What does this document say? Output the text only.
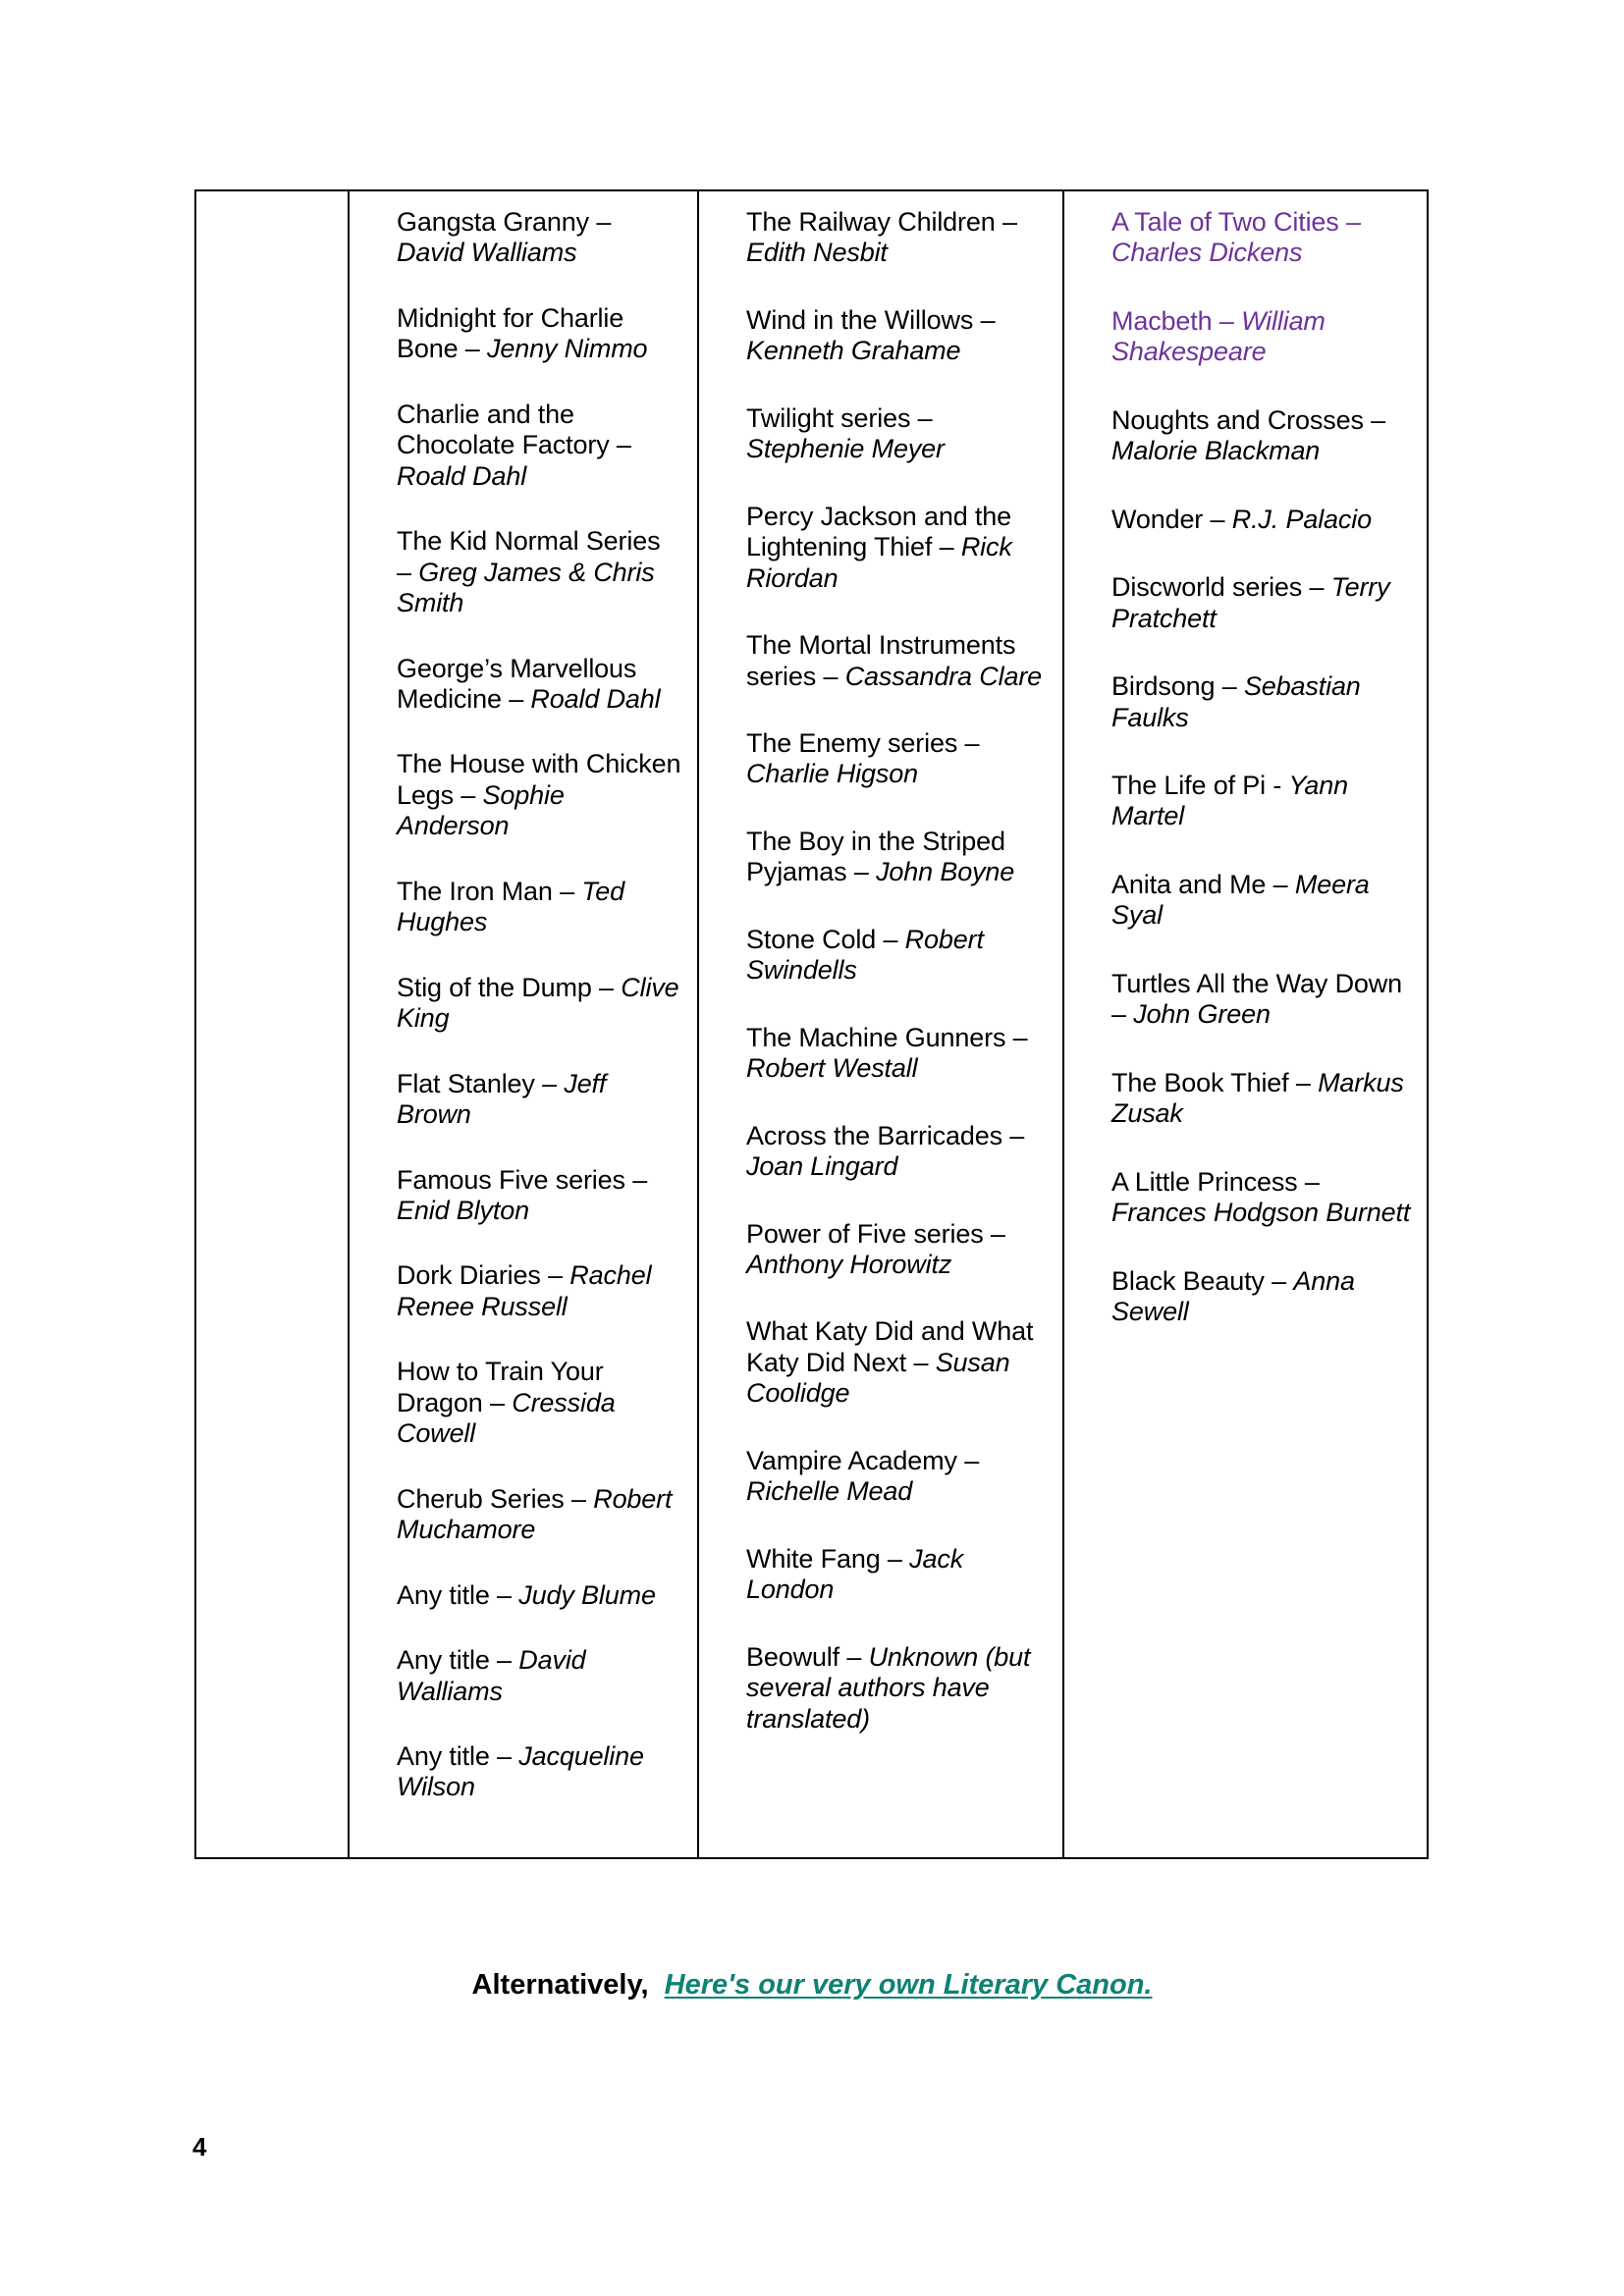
Gangsta Granny – David Walliams

Midnight for Charlie Bone – Jenny Nimmo

Charlie and the Chocolate Factory – Roald Dahl

The Kid Normal Series – Greg James & Chris Smith

George’s Marvellous Medicine – Roald Dahl

The House with Chicken Legs – Sophie Anderson

The Iron Man – Ted Hughes

Stig of the Dump – Clive King

Flat Stanley – Jeff Brown

Famous Five series – Enid Blyton

Dork Diaries – Rachel Renee Russell

How to Train Your Dragon – Cressida Cowell

Cherub Series – Robert Muchamore

Any title – Judy Blume

Any title – David Walliams

Any title – Jacqueline Wilson

The Railway Children – Edith Nesbit

Wind in the Willows – Kenneth Grahame

Twilight series – Stephenie Meyer

Percy Jackson and the Lightening Thief – Rick Riordan

The Mortal Instruments series – Cassandra Clare

The Enemy series – Charlie Higson

The Boy in the Striped Pyjamas – John Boyne

Stone Cold – Robert Swindells

The Machine Gunners – Robert Westall

Across the Barricades – Joan Lingard

Power of Five series – Anthony Horowitz

What Katy Did and What Katy Did Next – Susan Coolidge

Vampire Academy – Richelle Mead

White Fang – Jack London

Beowulf – Unknown (but several authors have translated)

A Tale of Two Cities – Charles Dickens

Macbeth – William Shakespeare

Noughts and Crosses – Malorie Blackman

Wonder – R.J. Palacio

Discworld series – Terry Pratchett

Birdsong – Sebastian Faulks

The Life of Pi - Yann Martel

Anita and Me – Meera Syal

Turtles All the Way Down – John Green

The Book Thief – Markus Zusak

A Little Princess – Frances Hodgson Burnett

Black Beauty – Anna Sewell

Alternatively, Here's our very own Literary Canon.
4
